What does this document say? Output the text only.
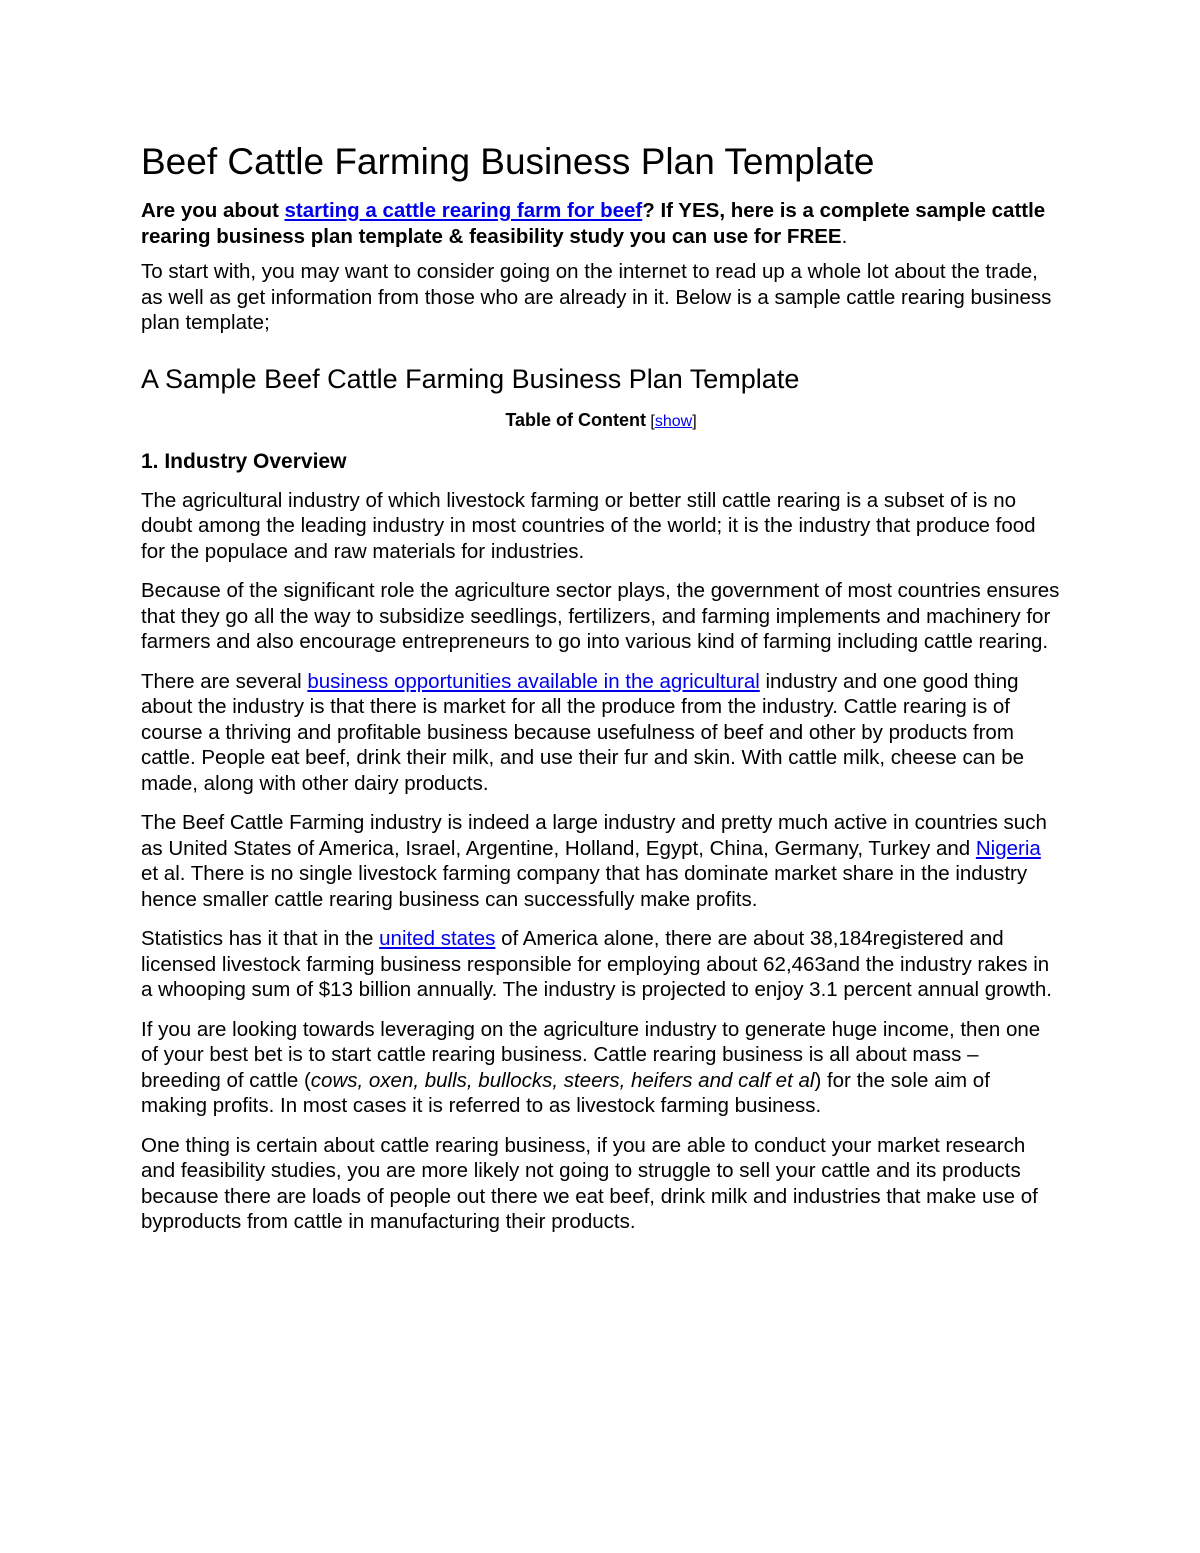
Beef Cattle Farming Business Plan Template

Are you about starting a cattle rearing farm for beef? If YES, here is a complete sample cattle rearing business plan template & feasibility study you can use for FREE.

To start with, you may want to consider going on the internet to read up a whole lot about the trade, as well as get information from those who are already in it. Below is a sample cattle rearing business plan template;

A Sample Beef Cattle Farming Business Plan Template
Table of Content [show]
1. Industry Overview

The agricultural industry of which livestock farming or better still cattle rearing is a subset of is no doubt among the leading industry in most countries of the world; it is the industry that produce food for the populace and raw materials for industries.

Because of the significant role the agriculture sector plays, the government of most countries ensures that they go all the way to subsidize seedlings, fertilizers, and farming implements and machinery for farmers and also encourage entrepreneurs to go into various kind of farming including cattle rearing.

There are several business opportunities available in the agricultural industry and one good thing about the industry is that there is market for all the produce from the industry. Cattle rearing is of course a thriving and profitable business because usefulness of beef and other by products from cattle. People eat beef, drink their milk, and use their fur and skin. With cattle milk, cheese can be made, along with other dairy products.

The Beef Cattle Farming industry is indeed a large industry and pretty much active in countries such as United States of America, Israel, Argentine, Holland, Egypt, China, Germany, Turkey and Nigeria et al. There is no single livestock farming company that has dominate market share in the industry hence smaller cattle rearing business can successfully make profits.

Statistics has it that in the united states of America alone, there are about 38,184registered and licensed livestock farming business responsible for employing about 62,463and the industry rakes in a whooping sum of $13 billion annually. The industry is projected to enjoy 3.1 percent annual growth.

If you are looking towards leveraging on the agriculture industry to generate huge income, then one of your best bet is to start cattle rearing business. Cattle rearing business is all about mass – breeding of cattle (cows, oxen, bulls, bullocks, steers, heifers and calf et al) for the sole aim of making profits. In most cases it is referred to as livestock farming business.

One thing is certain about cattle rearing business, if you are able to conduct your market research and feasibility studies, you are more likely not going to struggle to sell your cattle and its products because there are loads of people out there we eat beef, drink milk and industries that make use of byproducts from cattle in manufacturing their products.
